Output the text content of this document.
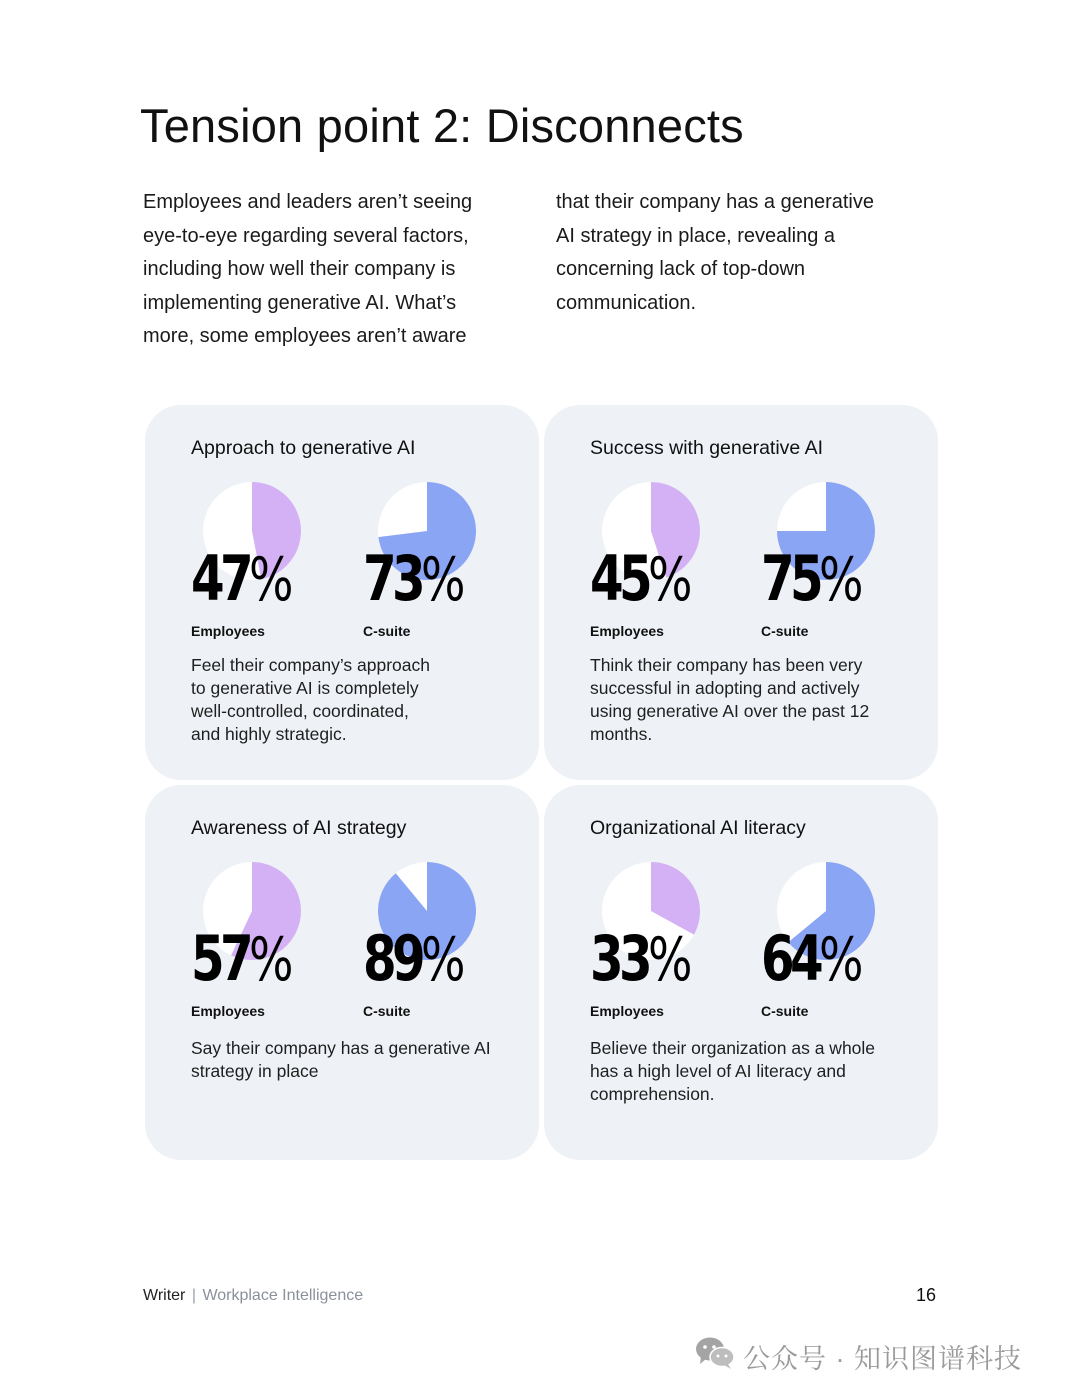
Tension point 2: Disconnects

Employees and leaders aren’t seeing

eye-to-eye regarding several factors,

including how well their company is

implementing generative AI. What’s

more, some employees aren’t aware

that their company has a generative

AI strategy in place, revealing a

concerning lack of top-down

communication.

Approach to generative AI
47%
Employees
73%
C-suite
Feel their company’s approach
to generative AI is completely
well-controlled, coordinated,
and highly strategic.
Success with generative AI
45%
Employees
75%
C-suite
Think their company has been very
successful in adopting and actively
using generative AI over the past 12
months.
Awareness of AI strategy
57%
Employees
89%
C-suite
Say their company has a generative AI
strategy in place
Organizational AI literacy
33%
Employees
64%
C-suite
Believe their organization as a whole
has a high level of AI literacy and
comprehension.
Writer | Workplace Intelligence	16
公众号 · 知识图谱科技
